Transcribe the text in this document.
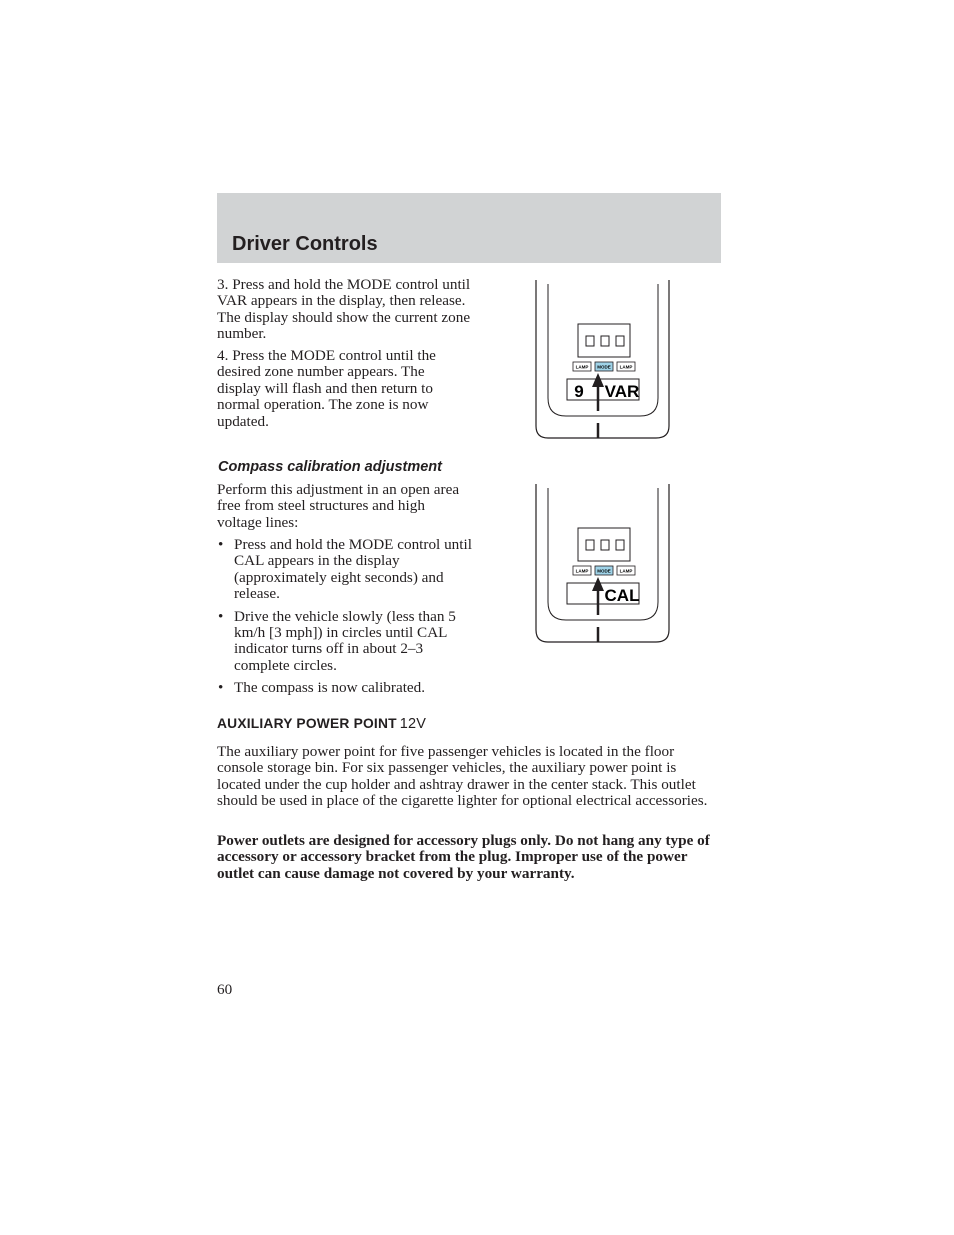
Driver Controls

3. Press and hold the MODE control until VAR appears in the display, then release. The display should show the current zone number.

4. Press the MODE control until the desired zone number appears. The display will flash and then return to normal operation. The zone is now updated.

LAMP MODE LAMP
9 VAR
Compass calibration adjustment

Perform this adjustment in an open area free from steel structures and high voltage lines:

• Press and hold the MODE control until CAL appears in the display (approximately eight seconds) and release.
• Drive the vehicle slowly (less than 5 km/h [3 mph]) in circles until CAL indicator turns off in about 2–3 complete circles.
• The compass is now calibrated.
LAMP MODE LAMP
CAL
AUXILIARY POWER POINT 12V

The auxiliary power point for five passenger vehicles is located in the floor console storage bin. For six passenger vehicles, the auxiliary power point is located under the cup holder and ashtray drawer in the center stack. This outlet should be used in place of the cigarette lighter for optional electrical accessories.

Power outlets are designed for accessory plugs only. Do not hang any type of accessory or accessory bracket from the plug. Improper use of the power outlet can cause damage not covered by your warranty.

60
